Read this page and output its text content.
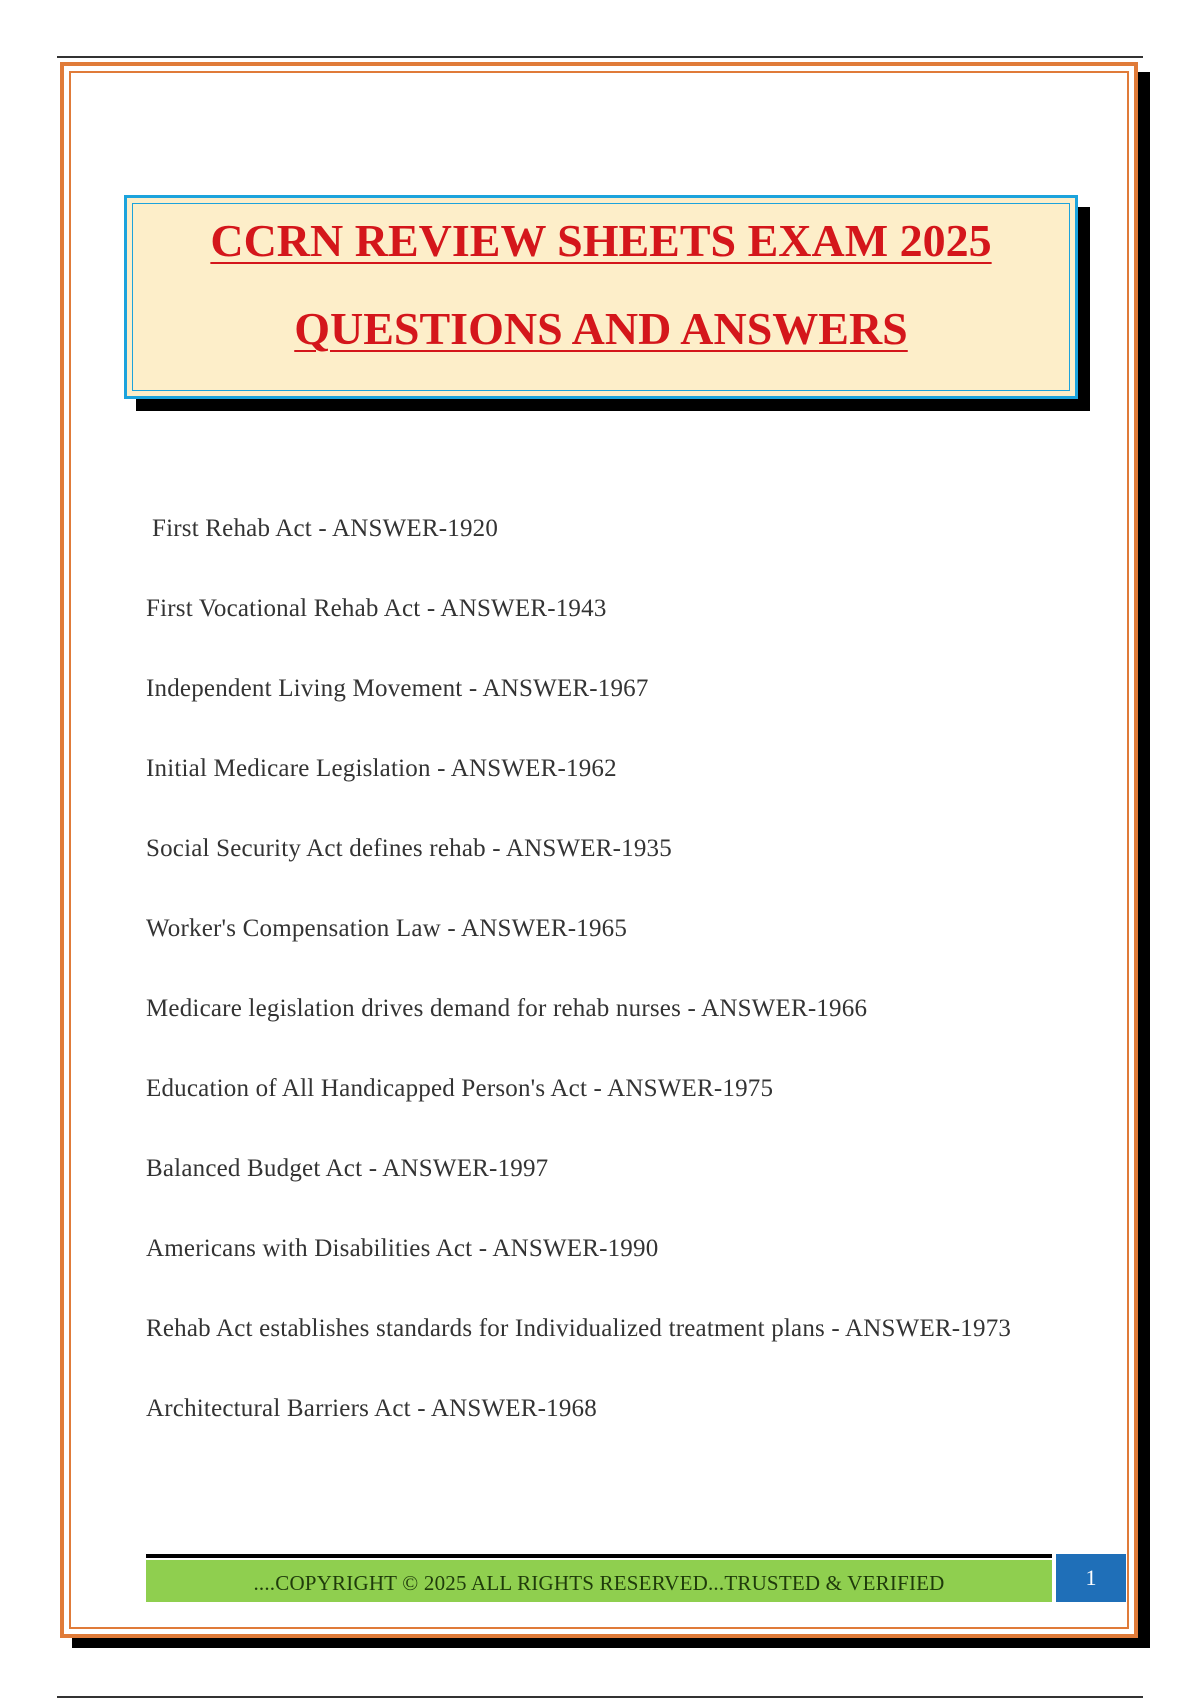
CCRN REVIEW SHEETS EXAM 2025
QUESTIONS AND ANSWERS
First Rehab Act - ANSWER-1920
First Vocational Rehab Act - ANSWER-1943
Independent Living Movement - ANSWER-1967
Initial Medicare Legislation - ANSWER-1962
Social Security Act defines rehab - ANSWER-1935
Worker's Compensation Law - ANSWER-1965
Medicare legislation drives demand for rehab nurses - ANSWER-1966
Education of All Handicapped Person's Act - ANSWER-1975
Balanced Budget Act - ANSWER-1997
Americans with Disabilities Act - ANSWER-1990
Rehab Act establishes standards for Individualized treatment plans - ANSWER-1973
Architectural Barriers Act - ANSWER-1968
....COPYRIGHT © 2025 ALL RIGHTS RESERVED...TRUSTED & VERIFIED	1
